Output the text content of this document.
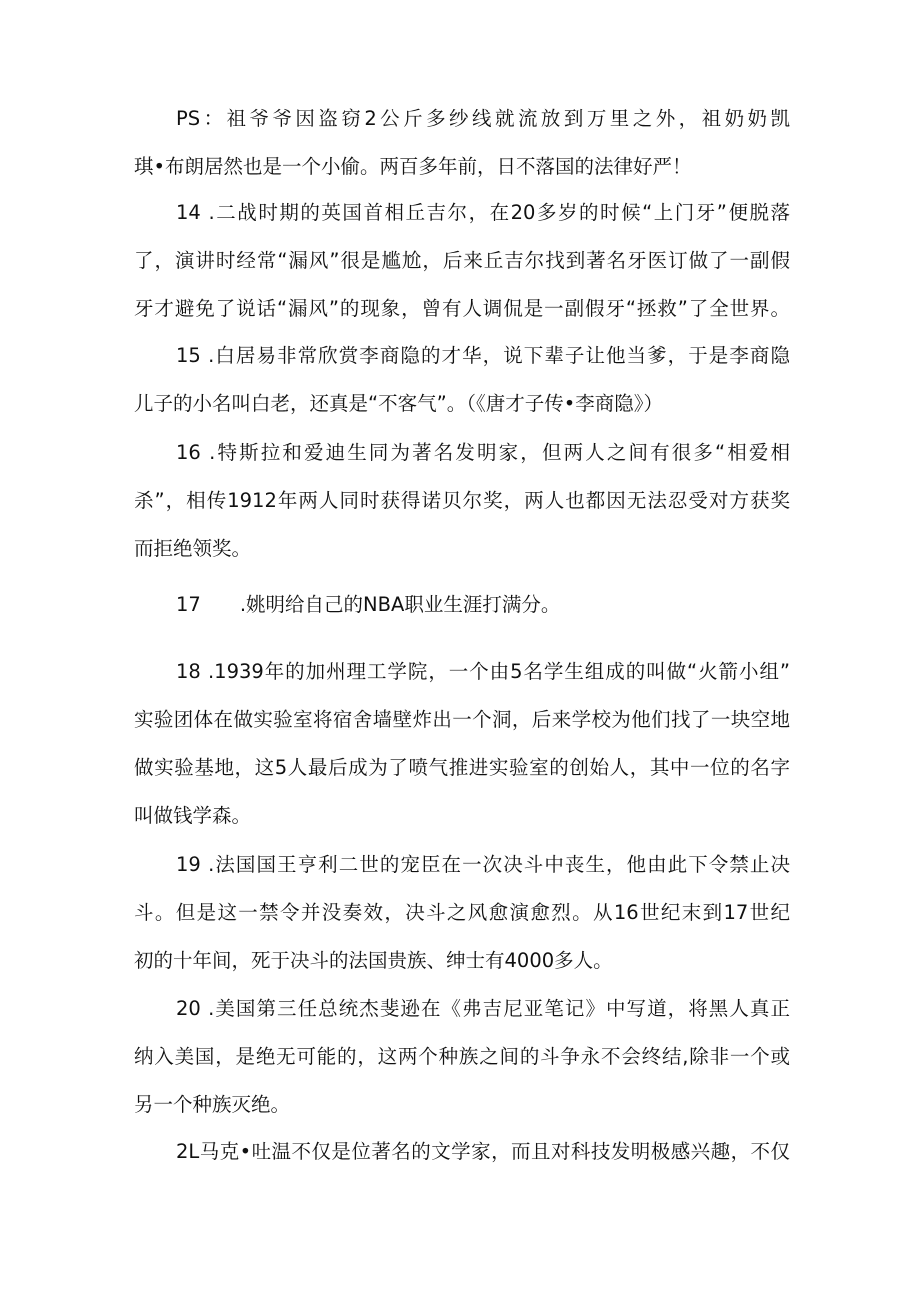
PS：祖爷爷因盗窃2公斤多纱线就流放到万里之外，祖奶奶凯
琪•布朗居然也是一个小偷。两百多年前，日不落国的法律好严！
14 .二战时期的英国首相丘吉尔，在20多岁的时候“上门牙”便脱落
了，演讲时经常“漏风”很是尴尬，后来丘吉尔找到著名牙医订做了一副假
牙才避免了说话“漏风”的现象，曾有人调侃是一副假牙“拯救”了全世界。
15 .白居易非常欣赏李商隐的才华，说下辈子让他当爹，于是李商隐
儿子的小名叫白老，还真是“不客气”。（《唐才子传•李商隐》）
16 .特斯拉和爱迪生同为著名发明家，但两人之间有很多“相爱相
杀”，相传1912年两人同时获得诺贝尔奖，两人也都因无法忍受对方获奖
而拒绝领奖。
17　　.姚明给自己的NBA职业生涯打满分。
18 .1939年的加州理工学院，一个由5名学生组成的叫做“火箭小组”
实验团体在做实验室将宿舍墙壁炸出一个洞，后来学校为他们找了一块空地
做实验基地，这5人最后成为了喷气推进实验室的创始人，其中一位的名字
叫做钱学森。
19 .法国国王亨利二世的宠臣在一次决斗中丧生，他由此下令禁止决
斗。但是这一禁令并没奏效，决斗之风愈演愈烈。从16世纪末到17世纪
初的十年间，死于决斗的法国贵族、绅士有4000多人。
20 .美国第三任总统杰斐逊在《弗吉尼亚笔记》中写道，将黑人真正
纳入美国，是绝无可能的，这两个种族之间的斗争永不会终结,除非一个或
另一个种族灭绝。
2L马克•吐温不仅是位著名的文学家，而且对科技发明极感兴趣，不仅
